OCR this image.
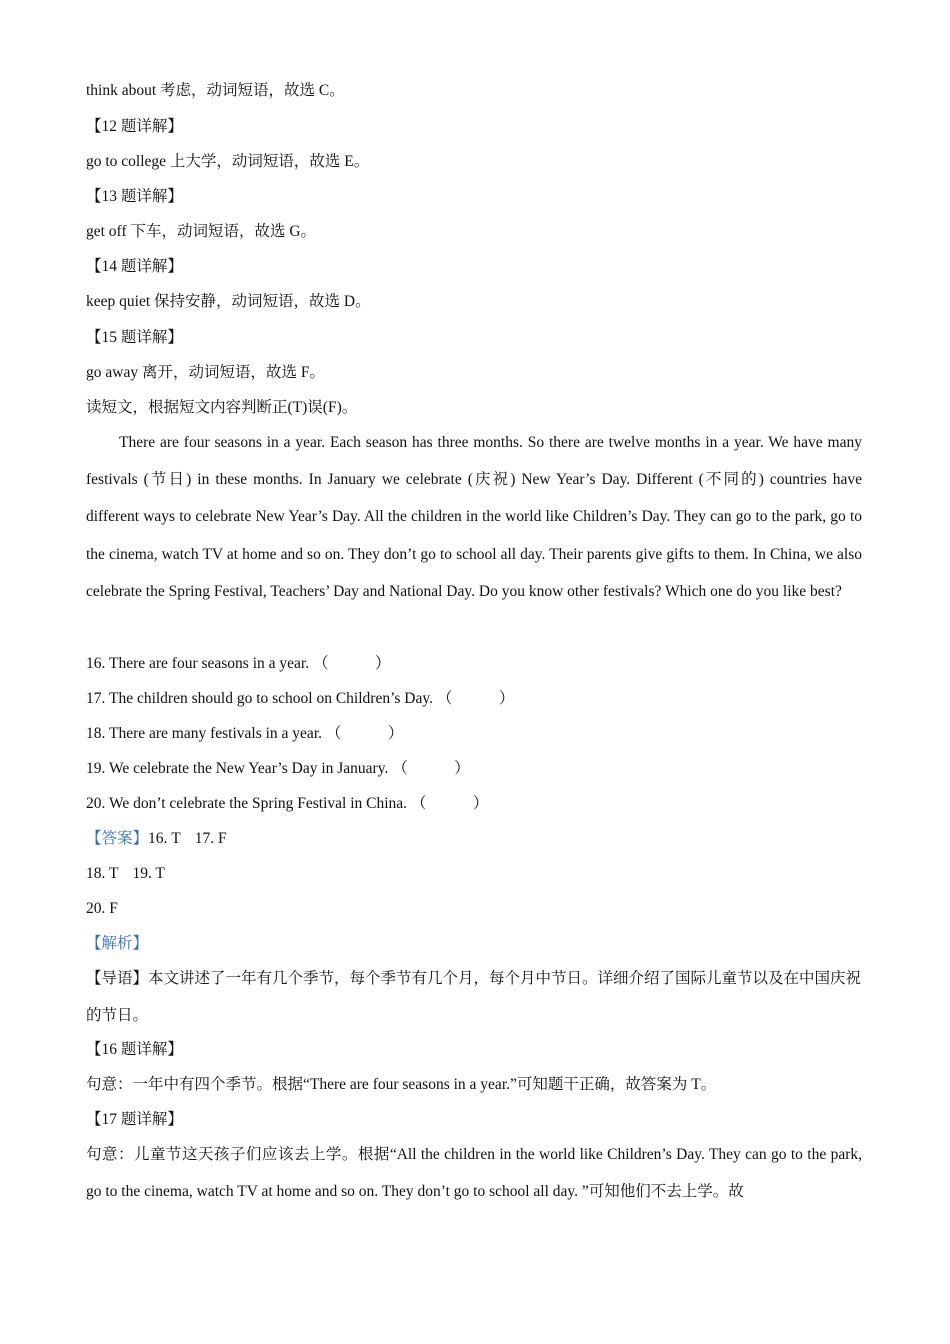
think about 考虑，动词短语，故选 C。
【12 题详解】
go to college 上大学，动词短语，故选 E。
【13 题详解】
get off 下车，动词短语，故选 G。
【14 题详解】
keep quiet 保持安静，动词短语，故选 D。
【15 题详解】
go away 离开，动词短语，故选 F。
读短文，根据短文内容判断正(T)误(F)。
There are four seasons in a year. Each season has three months. So there are twelve months in a year. We have many festivals (节日) in these months. In January we celebrate (庆祝) New Year’s Day. Different (不同的) countries have different ways to celebrate New Year’s Day. All the children in the world like Children’s Day. They can go to the park, go to the cinema, watch TV at home and so on. They don’t go to school all day. Their parents give gifts to them. In China, we also celebrate the Spring Festival, Teachers’ Day and National Day. Do you know other festivals? Which one do you like best?
16. There are four seasons in a year. （　　　）
17. The children should go to school on Children’s Day. （　　　）
18. There are many festivals in a year. （　　　）
19. We celebrate the New Year’s Day in January. （　　　）
20. We don’t celebrate the Spring Festival in China. （　　　）
【答案】16. T 17. F
18. T 19. T
20. F
【解析】
【导语】本文讲述了一年有几个季节，每个季节有几个月，每个月中节日。详细介绍了国际儿童节以及在中国庆祝的节日。
【16 题详解】
句意：一年中有四个季节。根据“There are four seasons in a year.”可知题干正确，故答案为 T。
【17 题详解】
句意：儿童节这天孩子们应该去上学。根据“All the children in the world like Children’s Day. They can go to the park, go to the cinema, watch TV at home and so on. They don’t go to school all day. ”可知他们不去上学。故
